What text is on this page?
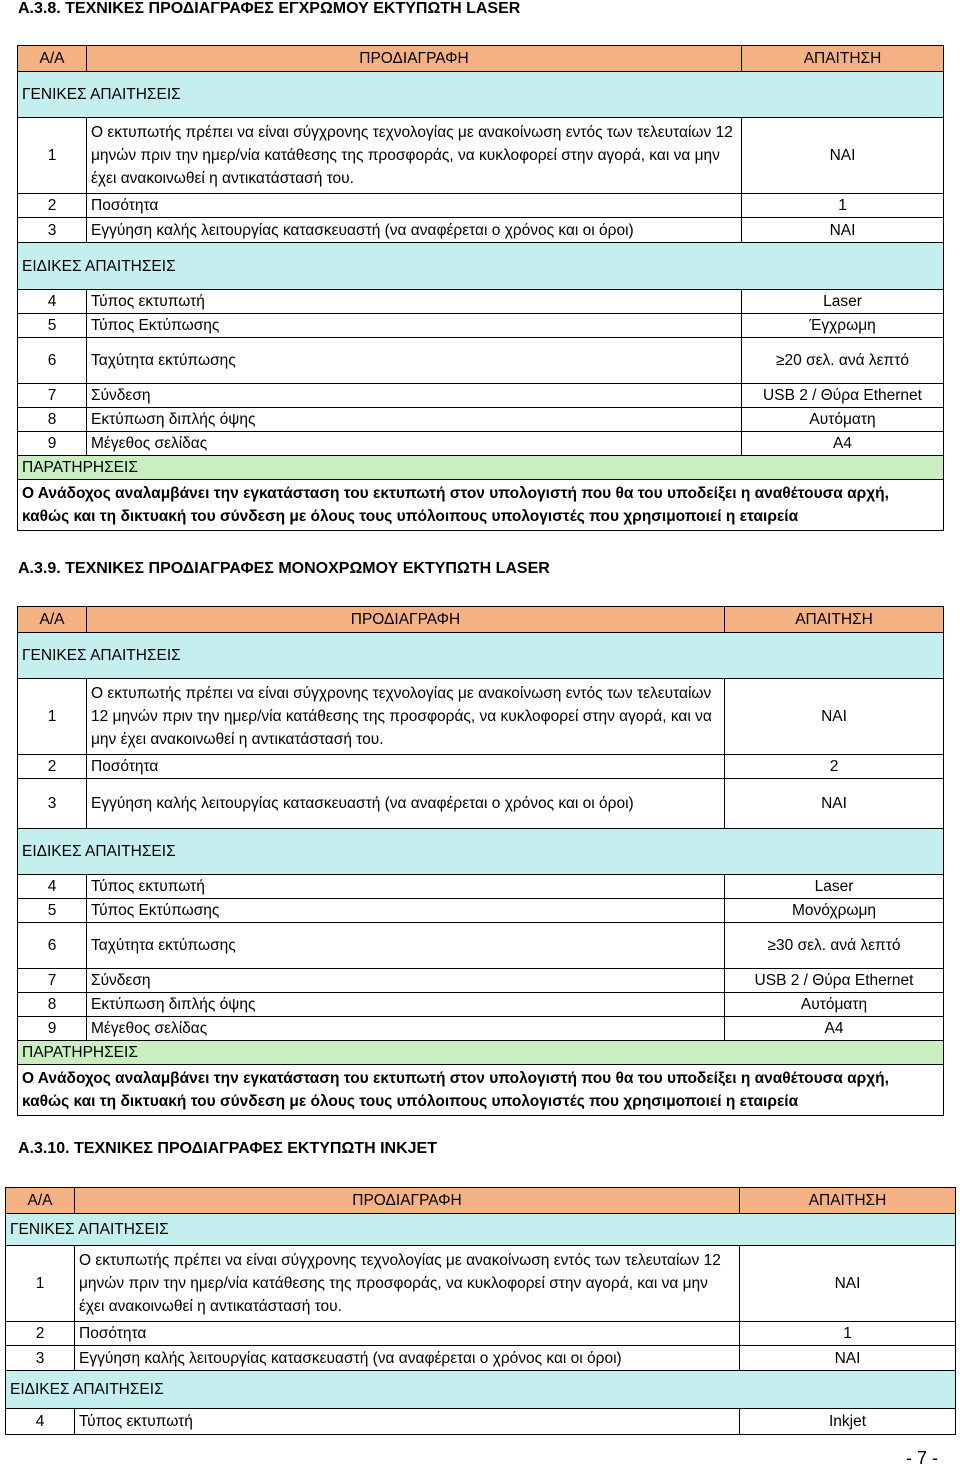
Α.3.8. ΤΕΧΝΙΚΕΣ ΠΡΟΔΙΑΓΡΑΦΕΣ ΕΓΧΡΩΜΟΥ ΕΚΤΥΠΩΤΗ LASER
Α/Α	ΠΡΟΔΙΑΓΡΑΦΗ	ΑΠΑΙΤΗΣΗ
ΓΕΝΙΚΕΣ ΑΠΑΙΤΗΣΕΙΣ		
1	Ο εκτυπωτής πρέπει να είναι σύγχρονης τεχνολογίας με ανακοίνωση εντός των τελευταίων 12 μηνών πριν την ημερ/νία κατάθεσης της προσφοράς, να κυκλοφορεί στην αγορά, και να μην έχει ανακοινωθεί η αντικατάστασή του.	ΝΑΙ
2	Ποσότητα	1
3	Εγγύηση καλής λειτουργίας κατασκευαστή (να αναφέρεται ο χρόνος και οι όροι)	ΝΑΙ
ΕΙΔΙΚΕΣ ΑΠΑΙΤΗΣΕΙΣ		
4	Τύπος εκτυπωτή	Laser
5	Τύπος Εκτύπωσης	Έγχρωμη
6	Ταχύτητα εκτύπωσης	≥20 σελ. ανά λεπτό
7	Σύνδεση	USB 2 / Θύρα Ethernet
8	Εκτύπωση διπλής όψης	Αυτόματη
9	Μέγεθος σελίδας	A4
ΠΑΡΑΤΗΡΗΣΕΙΣ		
Ο Ανάδοχος αναλαμβάνει την εγκατάσταση του εκτυπωτή στον υπολογιστή που θα του υποδείξει η αναθέτουσα αρχή, καθώς και τη δικτυακή του σύνδεση με όλους τους υπόλοιπους υπολογιστές που χρησιμοποιεί η εταιρεία		
Α.3.9. ΤΕΧΝΙΚΕΣ ΠΡΟΔΙΑΓΡΑΦΕΣ ΜΟΝΟΧΡΩΜΟΥ ΕΚΤΥΠΩΤΗ LASER
Α/Α	ΠΡΟΔΙΑΓΡΑΦΗ	ΑΠΑΙΤΗΣΗ
ΓΕΝΙΚΕΣ ΑΠΑΙΤΗΣΕΙΣ		
1	Ο εκτυπωτής πρέπει να είναι σύγχρονης τεχνολογίας με ανακοίνωση εντός των τελευταίων 12 μηνών πριν την ημερ/νία κατάθεσης της προσφοράς, να κυκλοφορεί στην αγορά, και να μην έχει ανακοινωθεί η αντικατάστασή του.	ΝΑΙ
2	Ποσότητα	2
3	Εγγύηση καλής λειτουργίας κατασκευαστή (να αναφέρεται ο χρόνος και οι όροι)	ΝΑΙ
ΕΙΔΙΚΕΣ ΑΠΑΙΤΗΣΕΙΣ		
4	Τύπος εκτυπωτή	Laser
5	Τύπος Εκτύπωσης	Μονόχρωμη
6	Ταχύτητα εκτύπωσης	≥30 σελ. ανά λεπτό
7	Σύνδεση	USB 2 / Θύρα Ethernet
8	Εκτύπωση διπλής όψης	Αυτόματη
9	Μέγεθος σελίδας	A4
ΠΑΡΑΤΗΡΗΣΕΙΣ		
Ο Ανάδοχος αναλαμβάνει την εγκατάσταση του εκτυπωτή στον υπολογιστή που θα του υποδείξει η αναθέτουσα αρχή, καθώς και τη δικτυακή του σύνδεση με όλους τους υπόλοιπους υπολογιστές που χρησιμοποιεί η εταιρεία		
Α.3.10. ΤΕΧΝΙΚΕΣ ΠΡΟΔΙΑΓΡΑΦΕΣ ΕΚΤΥΠΩΤΗ INKJET
Α/Α	ΠΡΟΔΙΑΓΡΑΦΗ	ΑΠΑΙΤΗΣΗ
ΓΕΝΙΚΕΣ ΑΠΑΙΤΗΣΕΙΣ		
1	Ο εκτυπωτής πρέπει να είναι σύγχρονης τεχνολογίας με ανακοίνωση εντός των τελευταίων 12 μηνών πριν την ημερ/νία κατάθεσης της προσφοράς, να κυκλοφορεί στην αγορά, και να μην έχει ανακοινωθεί η αντικατάστασή του.	ΝΑΙ
2	Ποσότητα	1
3	Εγγύηση καλής λειτουργίας κατασκευαστή (να αναφέρεται ο χρόνος και οι όροι)	ΝΑΙ
ΕΙΔΙΚΕΣ ΑΠΑΙΤΗΣΕΙΣ		
4	Τύπος εκτυπωτή	Inkjet
- 7 -
